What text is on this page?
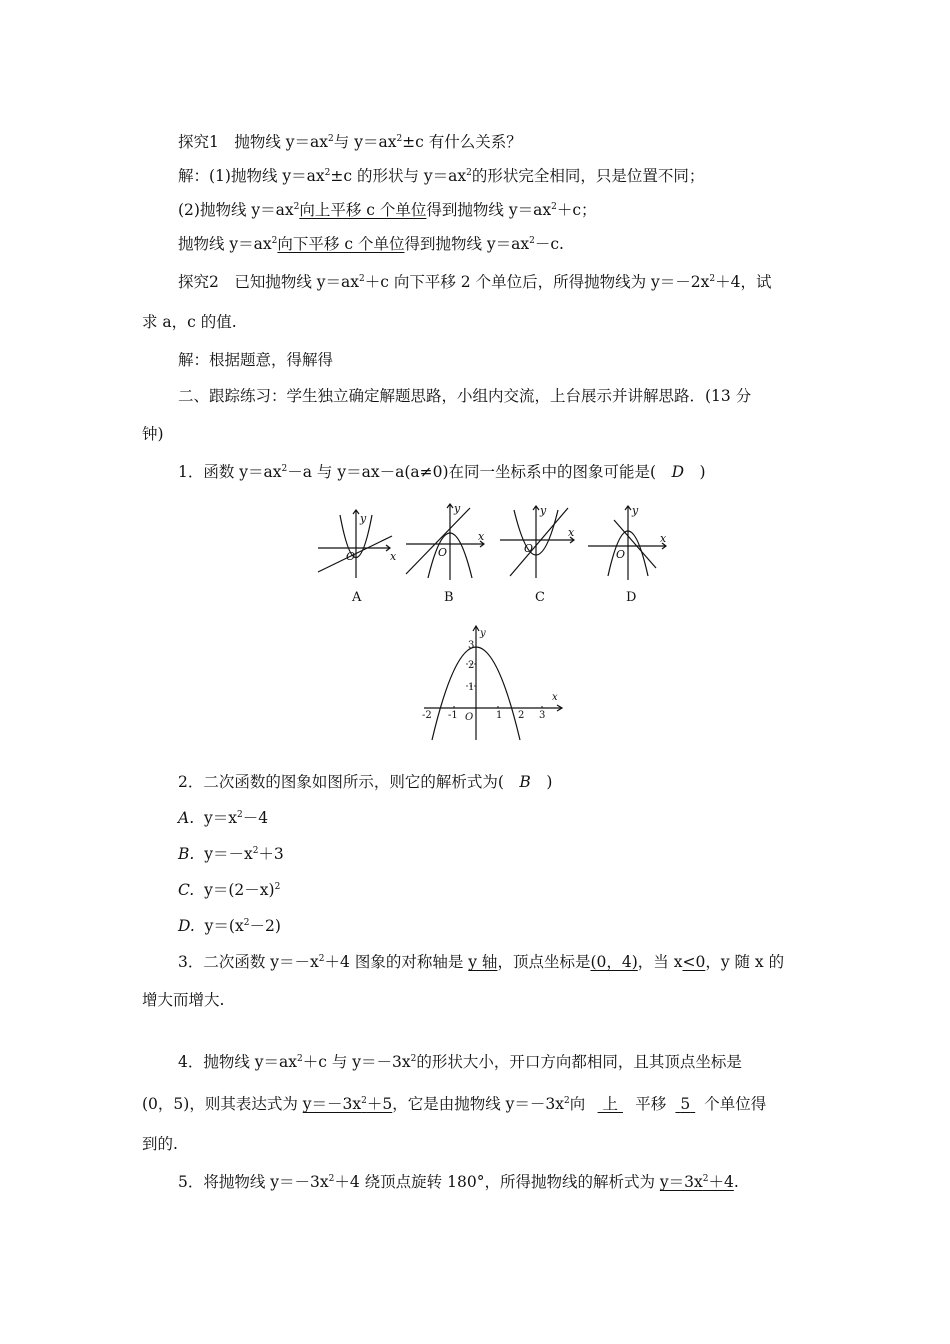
探究1　抛物线 $y=ax^2$与 $y=ax^2\pm c$ 有什么关系？
解：(1)抛物线 $y=ax^2\pm c$ 的形状与 $y=ax^2$的形状完全相同，只是位置不同；
(2)抛物线 $y=ax^2$向上平移 c 个单位得到抛物线 $y=ax^2+c$；
抛物线 $y=ax^2$向下平移 c 个单位得到抛物线 $y=ax^2-c$.
探究2　已知抛物线 $y=ax^2+c$ 向下平移 2 个单位后，所得抛物线为 $y=-2x^2+4$，试
求 a，c 的值.
解：根据题意，得解得
二、跟踪练习：学生独立确定解题思路，小组内交流，上台展示并讲解思路．(13 分
钟)
1．函数 $y=ax^2-a$ 与 y＝ax－a(a≠0)在同一坐标系中的图象可能是(　D　)
y
x
O
y
x
O
y
x
O
y
x
O
A	B	C	D
y
x
O
-2 -1	1 2 3
1
2
3
2．二次函数的图象如图所示，则它的解析式为(　B　)
A. $y=x^2-4$
B. $y=-x^2+3$
C. $y=(2-x)^2$
D. $y=(x^2-2)$
3．二次函数 $y=-x^2+4$ 图象的对称轴是 y 轴，顶点坐标是(0，4)，当 x<0，y 随 x 的
增大而增大.
4．抛物线 $y=ax^2+c$ 与 $y=-3x^2$的形状大小，开口方向都相同，且其顶点坐标是
(0，5)，则其表达式为 $y=-3x^2+5$，它是由抛物线 $y=-3x^2$向 上 平移 5 个单位得
到的.
5．将抛物线 $y=-3x^2+4$ 绕顶点旋转 180°，所得抛物线的解析式为 $y=3x^2+4$.
